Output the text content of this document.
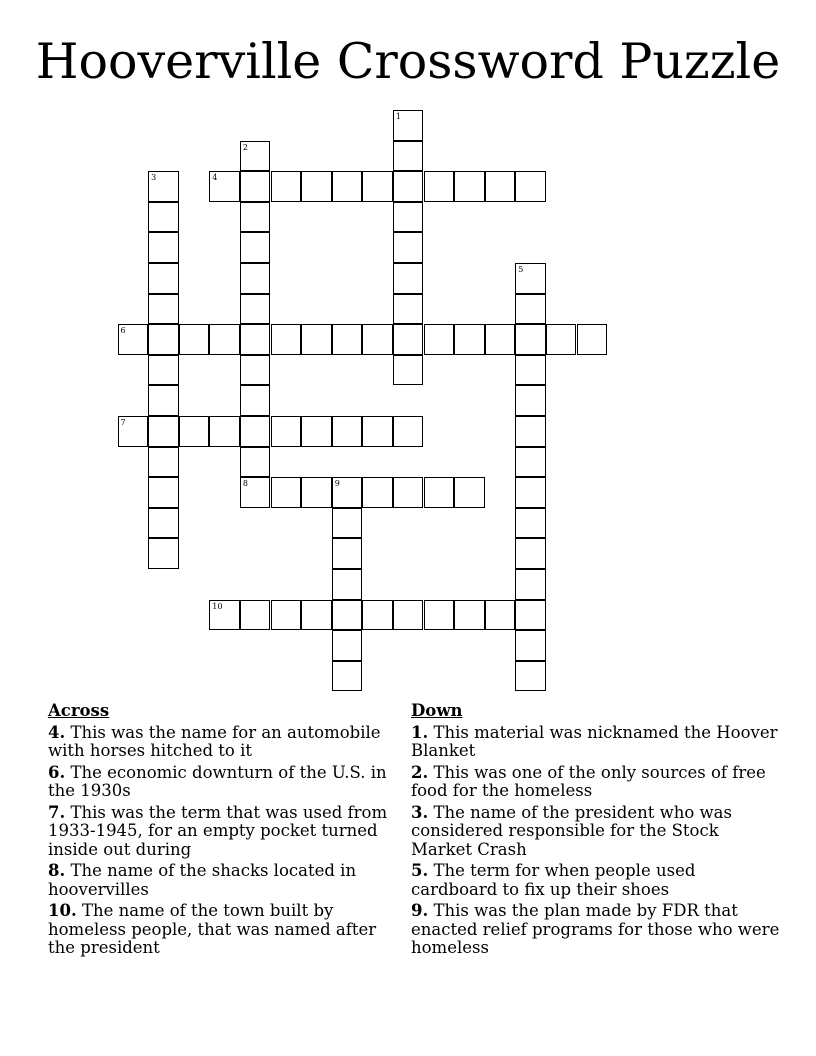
Hooverville Crossword Puzzle
1
2
8
3	4
5
6
7
9
10
Across
4. This was the name for an automobile with horses hitched to it
6. The economic downturn of the U.S. in the 1930s
7. This was the term that was used from 1933-1945, for an empty pocket turned inside out during
8. The name of the shacks located in hoovervilles
10. The name of the town built by homeless people, that was named after the president
Down
1. This material was nicknamed the Hoover Blanket
2. This was one of the only sources of free food for the homeless
3. The name of the president who was considered responsible for the Stock Market Crash
5. The term for when people used cardboard to fix up their shoes
9. This was the plan made by FDR that enacted relief programs for those who were homeless
